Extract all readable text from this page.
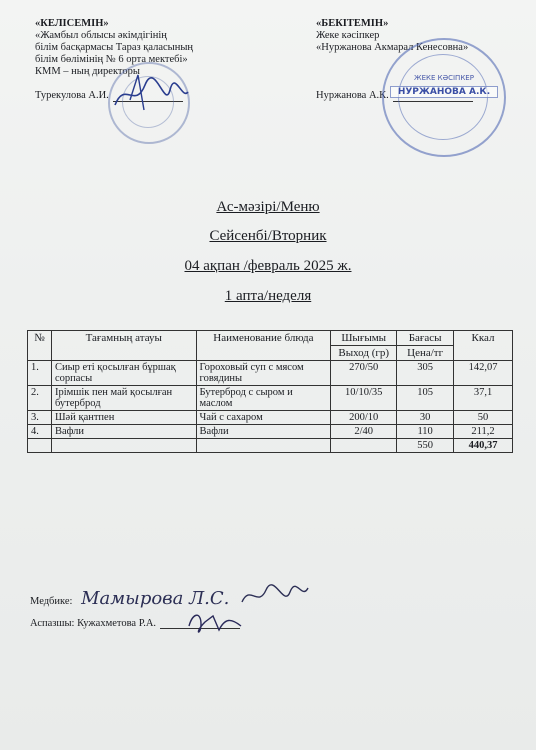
«КЕЛІСЕМІН»
«Жамбыл облысы әкімдігінің
білім басқармасы Тараз қаласының
білім бөлімінің № 6 орта мектебі»
КММ – ның директоры
Турекулова А.И.
«БЕКІТЕМІН»
Жеке кәсіпкер
«Нуржанова Акмарал Кенесовна»
Нуржанова А.К.
ЖЕКЕ КӘСІПКЕР
НУРЖАНОВА А.К.
Ас-мәзірі/Меню
Сейсенбі/Вторник
04 ақпан /февраль 2025 ж.
1 апта/неделя
№	Тағамның атауы	Наименование блюда	Шығымы	Бағасы	Ккал
			Выход (гр)	Цена/тг	
1.	Сиыр еті қосылған бұршақ сорпасы	Гороховый суп с мясом говядины	270/50	305	142,07
2.	Ірімшік пен май қосылған бутерброд	Бутерброд с сыром и маслом	10/10/35	105	37,1
3.	Шәй қантпен	Чай с сахаром	200/10	30	50
4.	Вафли	Вафли	2/40	110	211,2
				550	440,37
Медбике: Мамырова Л.С.
Аспазшы: Кужахметова Р.А.
